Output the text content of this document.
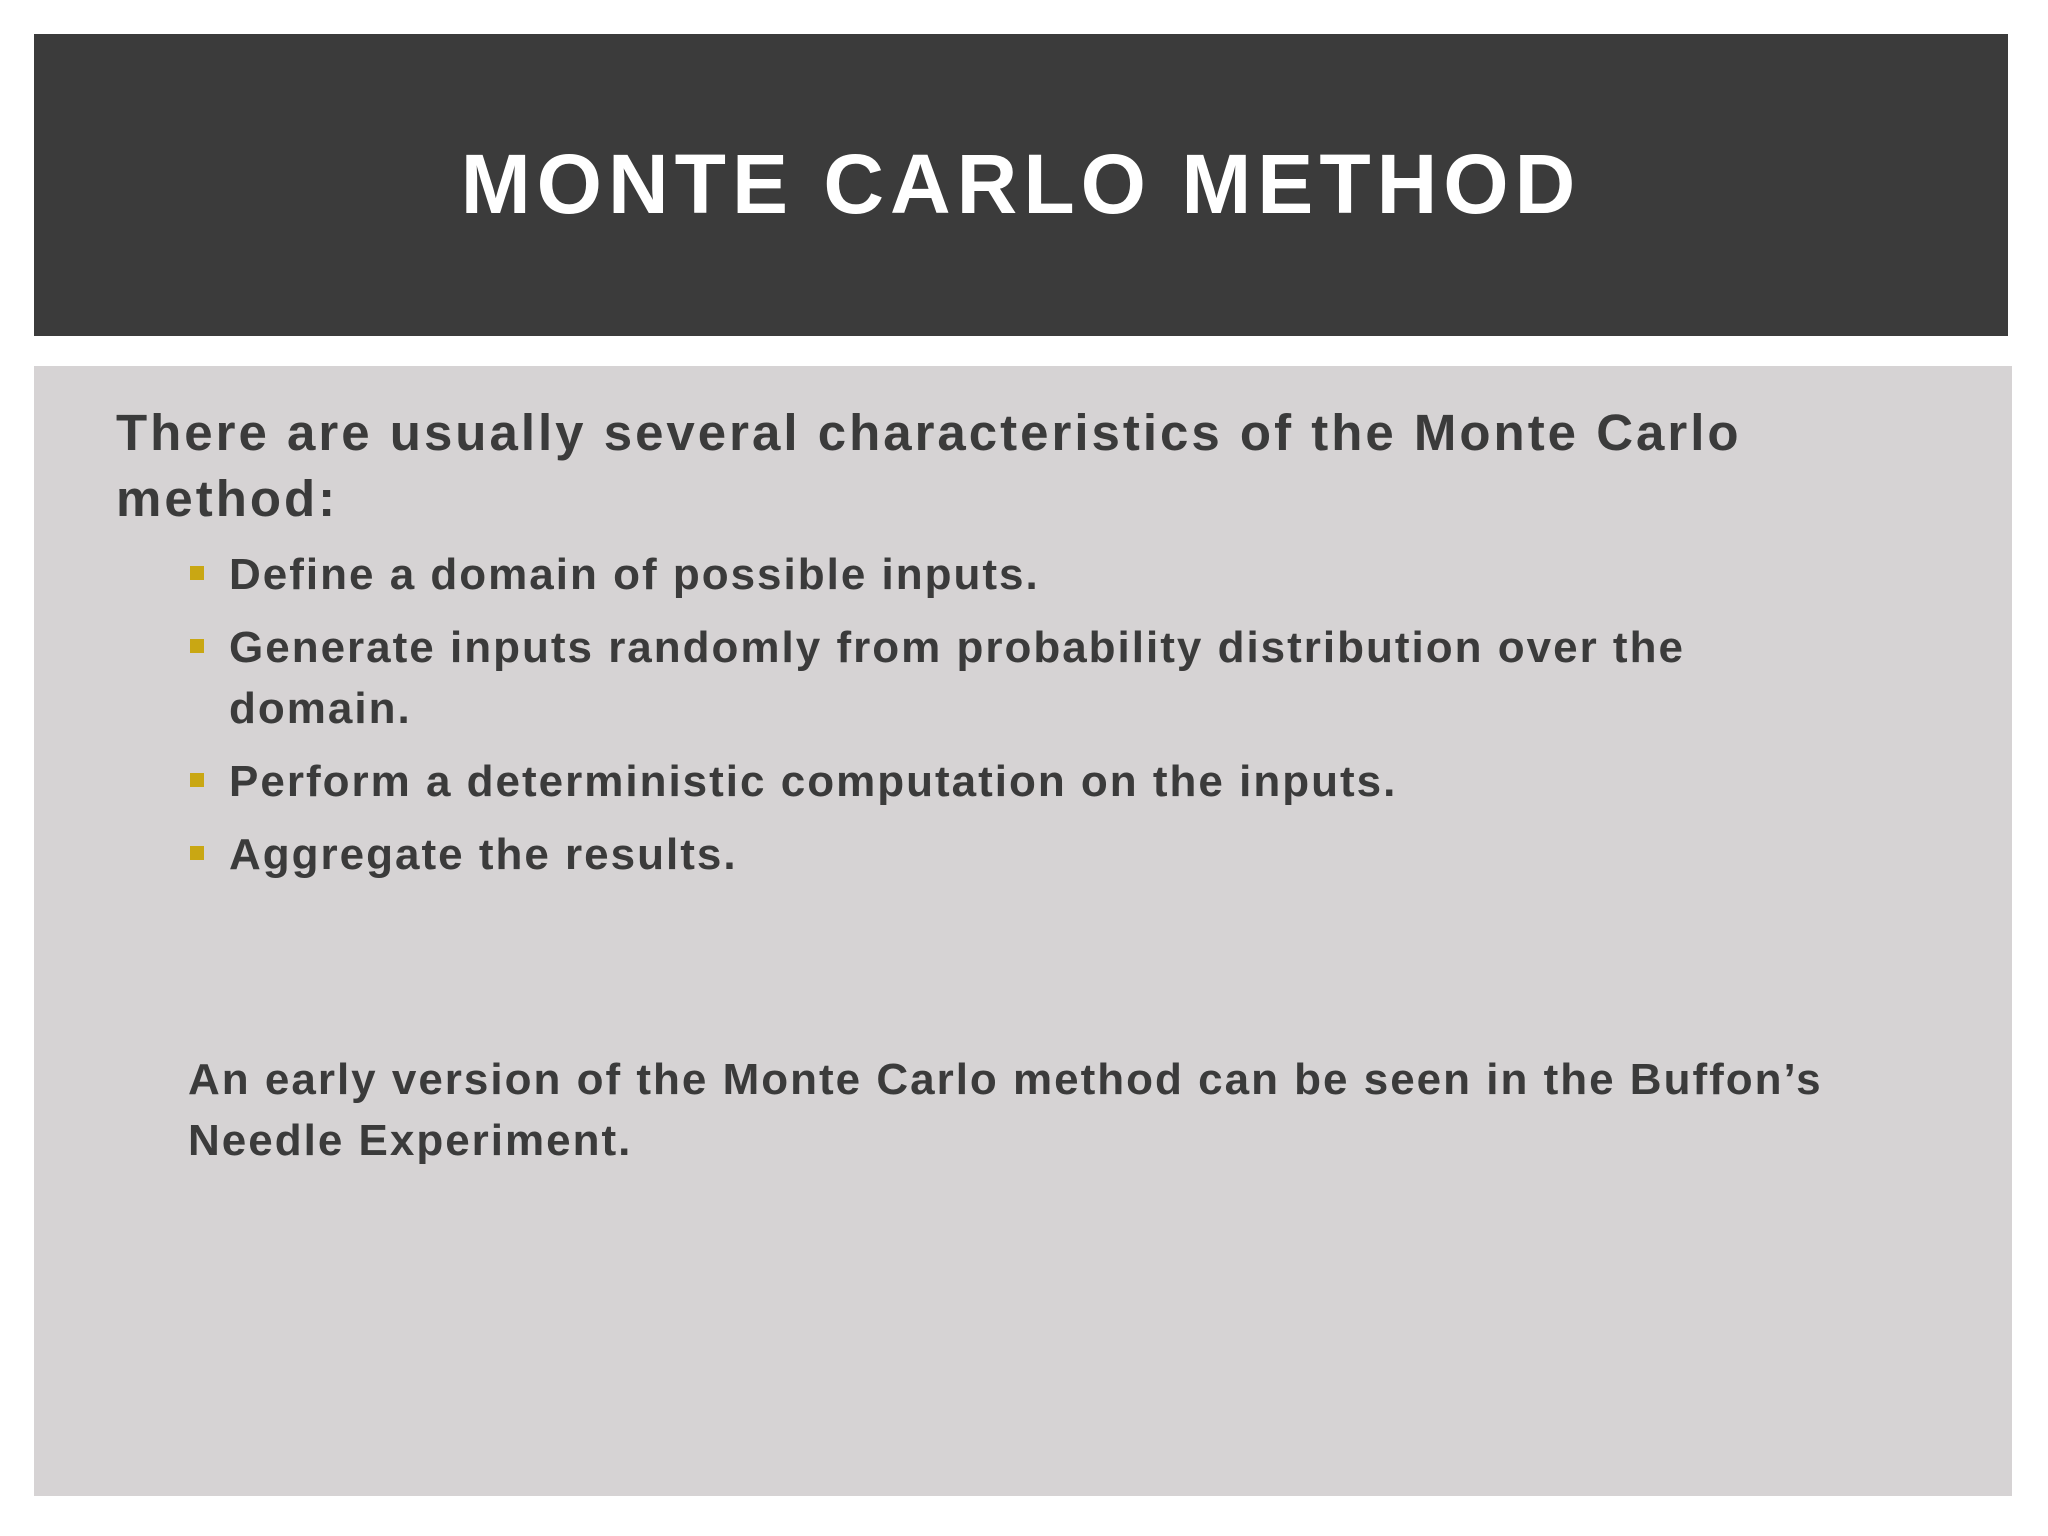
MONTE CARLO METHOD

There are usually several characteristics of the Monte Carlo method:

Define a domain of possible inputs.
Generate inputs randomly from probability distribution over the domain.
Perform a deterministic computation on the inputs.
Aggregate the results.

An early version of the Monte Carlo method can be seen in the Buffon’s Needle Experiment.
